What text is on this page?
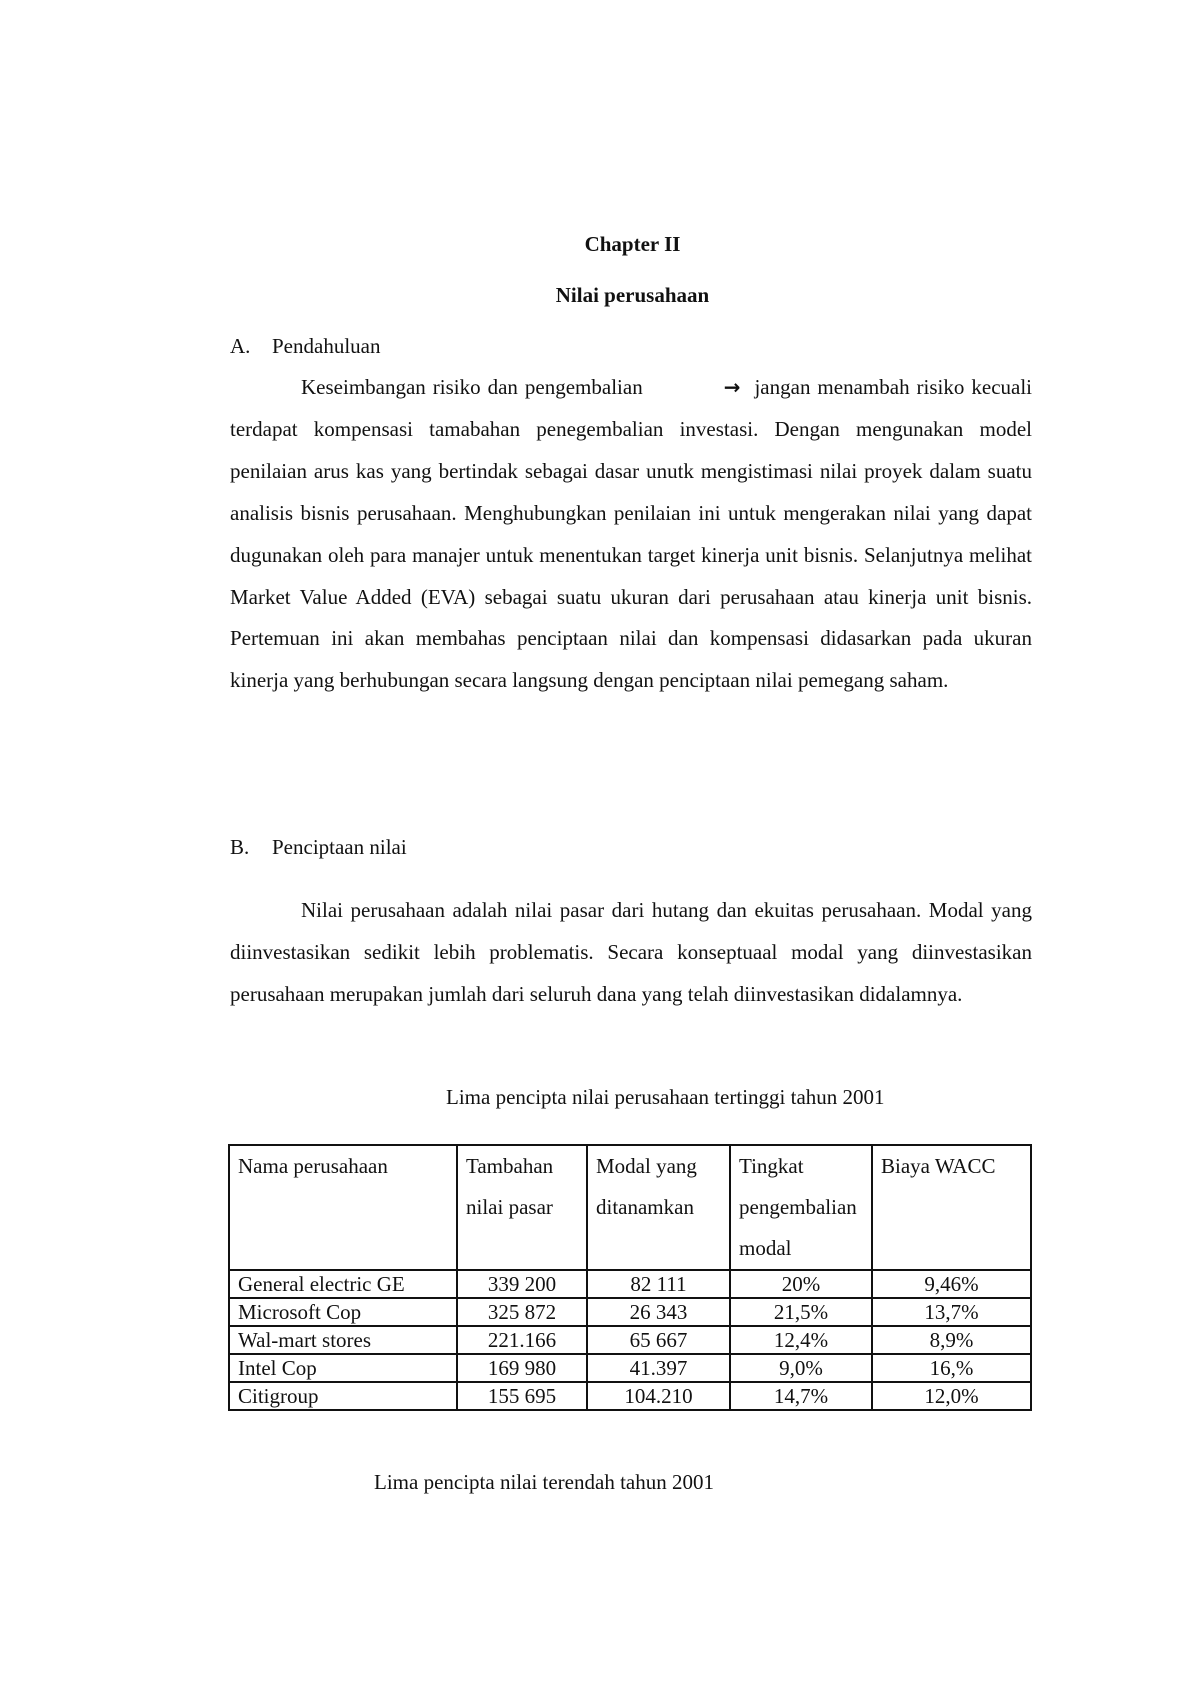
Chapter II
Nilai perusahaan

A. Pendahuluan

Keseimbangan risiko dan pengembalian	→ jangan menambah risiko kecuali terdapat kompensasi tamabahan penegembalian investasi. Dengan mengunakan model penilaian arus kas yang bertindak sebagai dasar unutk mengistimasi nilai proyek dalam suatu analisis bisnis perusahaan. Menghubungkan penilaian ini untuk mengerakan nilai yang dapat dugunakan oleh para manajer untuk menentukan target kinerja unit bisnis. Selanjutnya melihat Market Value Added (EVA) sebagai suatu ukuran dari perusahaan atau kinerja unit bisnis. Pertemuan ini akan membahas penciptaan nilai dan kompensasi didasarkan pada ukuran kinerja yang berhubungan secara langsung dengan penciptaan nilai pemegang saham.

B. Penciptaan nilai

Nilai perusahaan adalah nilai pasar dari hutang dan ekuitas perusahaan. Modal yang diinvestasikan sedikit lebih problematis. Secara konseptuaal modal yang diinvestasikan perusahaan merupakan jumlah dari seluruh dana yang telah diinvestasikan didalamnya.

Lima pencipta nilai perusahaan tertinggi tahun 2001

Nama perusahaan	Tambahan nilai pasar	Modal yang ditanamkan	Tingkat pengembalian modal	Biaya WACC
General electric GE	339 200	82 111	20%	9,46%
Microsoft Cop	325 872	26 343	21,5%	13,7%
Wal-mart stores	221.166	65 667	12,4%	8,9%
Intel Cop	169 980	41.397	9,0%	16,%
Citigroup	155 695	104.210	14,7%	12,0%

Lima pencipta nilai terendah tahun 2001
